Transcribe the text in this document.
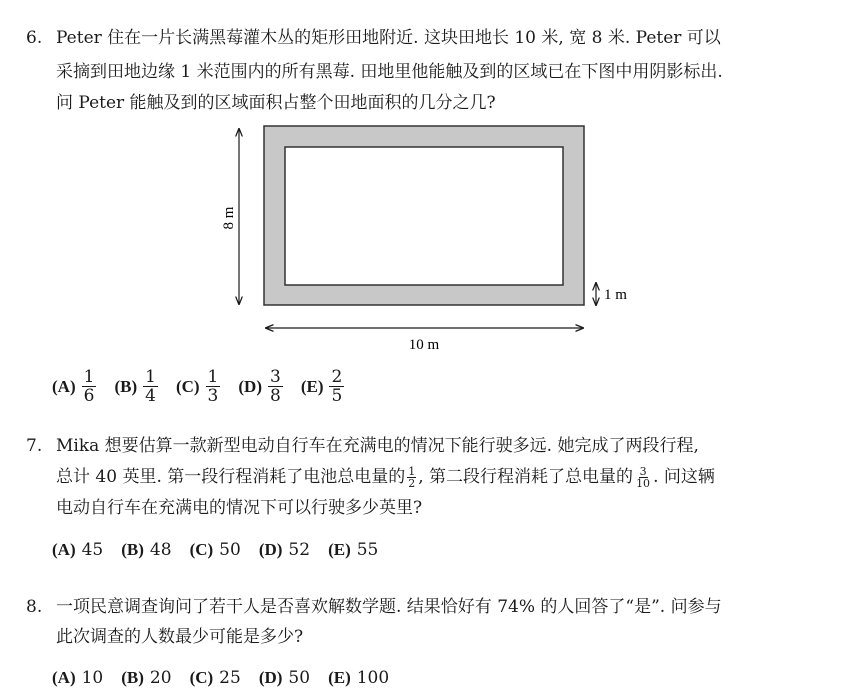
6. Peter 住在一片长满黑莓灌木丛的矩形田地附近. 这块田地长 10 米, 宽 8 米. Peter 可以
采摘到田地边缘 1 米范围内的所有黑莓. 田地里他能触及到的区域已在下图中用阴影标出.
问 Peter 能触及到的区域面积占整个田地面积的几分之几?
8 m
10 m
1 m
$(A) \frac{1}{6} (B) \frac{1}{4} (C) \frac{1}{3} (D) \frac{3}{8} (E) \frac{2}{5}$
7. Mika 想要估算一款新型电动自行车在充满电的情况下能行驶多远. 她完成了两段行程,
总计 40 英里. 第一段行程消耗了电池总电量的 1
2 , 第二段行程消耗了总电量的 3
10 . 问这辆
电动自行车在充满电的情况下可以行驶多少英里?
(A) 45 (B) 48 (C) 50 (D) 52 (E) 55
8. 一项民意调查询问了若干人是否喜欢解数学题. 结果恰好有 74% 的人回答了“是”. 问参与
此次调查的人数最少可能是多少?
(A) 10 (B) 20 (C) 25 (D) 50 (E) 100
